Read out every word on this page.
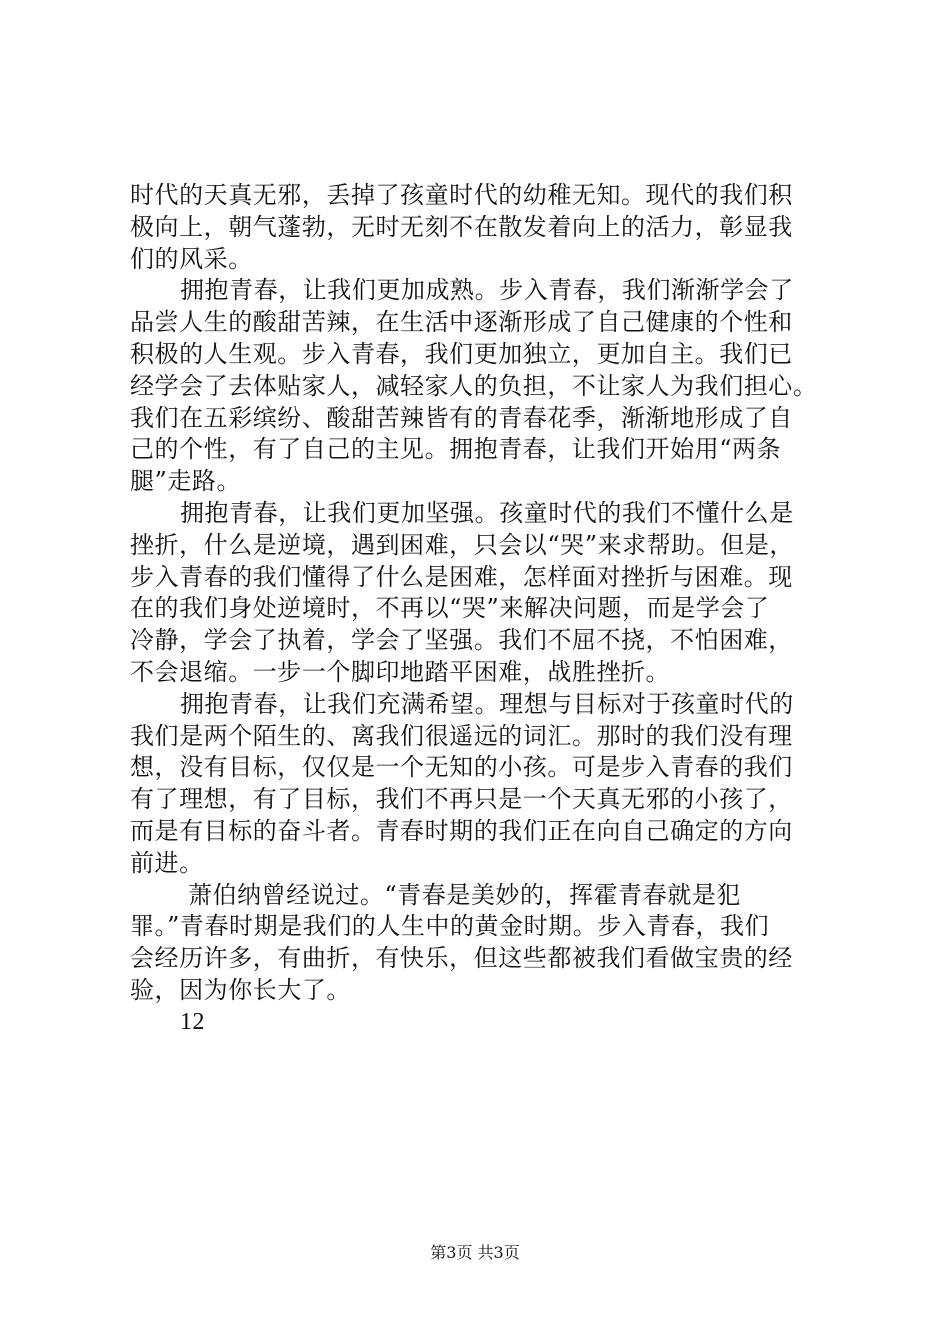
时代的天真无邪，丢掉了孩童时代的幼稚无知。现代的我们积
极向上，朝气蓬勃，无时无刻不在散发着向上的活力，彰显我
们的风采。
拥抱青春，让我们更加成熟。步入青春，我们渐渐学会了
品尝人生的酸甜苦辣，在生活中逐渐形成了自己健康的个性和
积极的人生观。步入青春，我们更加独立，更加自主。我们已
经学会了去体贴家人，减轻家人的负担，不让家人为我们担心。
我们在五彩缤纷、酸甜苦辣皆有的青春花季，渐渐地形成了自
己的个性，有了自己的主见。拥抱青春，让我们开始用“两条
腿”走路。
拥抱青春，让我们更加坚强。孩童时代的我们不懂什么是
挫折，什么是逆境，遇到困难，只会以“哭”来求帮助。但是，
步入青春的我们懂得了什么是困难，怎样面对挫折与困难。现
在的我们身处逆境时，不再以“哭”来解决问题，而是学会了
冷静，学会了执着，学会了坚强。我们不屈不挠，不怕困难，
不会退缩。一步一个脚印地踏平困难，战胜挫折。
拥抱青春，让我们充满希望。理想与目标对于孩童时代的
我们是两个陌生的、离我们很遥远的词汇。那时的我们没有理
想，没有目标，仅仅是一个无知的小孩。可是步入青春的我们
有了理想，有了目标，我们不再只是一个天真无邪的小孩了，
而是有目标的奋斗者。青春时期的我们正在向自己确定的方向
前进。
萧伯纳曾经说过。“青春是美妙的，挥霍青春就是犯
罪。”青春时期是我们的人生中的黄金时期。步入青春，我们
会经历许多，有曲折，有快乐，但这些都被我们看做宝贵的经
验，因为你长大了。
12
第3页 共3页
